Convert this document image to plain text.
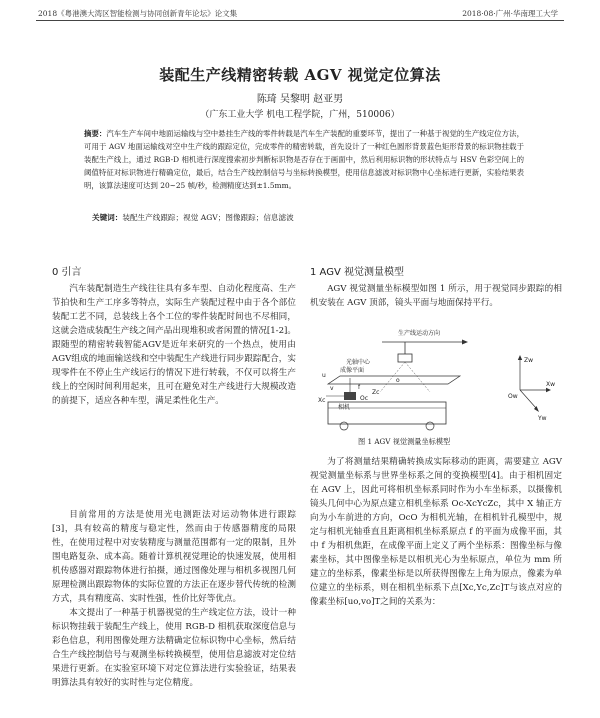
2018《粤港澳大湾区智能检测与协同创新青年论坛》论文集	2018·08·广州·华南理工大学
装配生产线精密转载 AGV 视觉定位算法
陈琦 吴黎明 赵亚男
（广东工业大学 机电工程学院，广州，510006）
摘要：汽车生产车间中地面运输线与空中悬挂生产线的零件转载是汽车生产装配的重要环节，提出了一种基于视觉的生产线定位方法，可用于 AGV 地面运输线对空中生产线的跟踪定位，完成零件的精密转载，首先设计了一种红色圆形背景蓝色矩形背景的标识物挂载于装配生产线上，通过 RGB-D 相机进行深度搜索初步判断标识物是否存在于画面中，然后利用标识物的形状特点与 HSV 色彩空间上的阈值特征对标识物进行精确定位，最后，结合生产线控制信号与坐标转换模型，使用信息滤波对标识物中心坐标进行更新，实验结果表明，该算法速度可达到 20~25 帧/秒，检测精度达到±1.5mm。
关键词：装配生产线跟踪；视觉 AGV；图像跟踪；信息滤波
0 引言

汽车装配制造生产线往往具有多车型、自动化程度高、生产节拍快和生产工序多等特点，实际生产装配过程中由于各个部位装配工艺不同，总装线上各个工位的零件装配时间也不尽相同，这就会造成装配生产线之间产品出现堆积或者闲置的情况[1-2]。跟随型的精密转载智能AGV是近年来研究的一个热点，使用由AGV组成的地面输送线和空中装配生产线进行同步跟踪配合，实现零件在不停止生产线运行的情况下进行转载，不仅可以将生产线上的空闲时间利用起来，且可在避免对生产线进行大规模改造的前提下，适应各种车型，满足柔性化生产。

目前常用的方法是使用光电测距法对运动物体进行跟踪[3]，具有较高的精度与稳定性，然而由于传感器精度的局限性，在使用过程中对安装精度与测量范围都有一定的限制，且外围电路复杂、成本高。随着计算机视觉理论的快速发展，使用相机传感器对跟踪物体进行拍摄，通过图像处理与相机多视图几何原理检测出跟踪物体的实际位置的方法正在逐步替代传统的检测方式，具有精度高、实时性强，性价比好等优点。

本文提出了一种基于机器视觉的生产线定位方法，设计一种标识物挂载于装配生产线上，使用 RGB-D 相机获取深度信息与彩色信息，利用图像处理方法精确定位标识物中心坐标，然后结合生产线控制信号与观测坐标转换模型，使用信息滤波对定位结果进行更新。在实验室环境下对定位算法进行实验验证，结果表明算法具有较好的实时性与定位精度。

1 AGV 视觉测量模型

AGV 视觉测量坐标模型如图 1 所示，用于视觉同步跟踪的相机安装在 AGV 顶部，镜头平面与地面保持平行。

生产线运动方向
成像平面
u
v
o
光轴中心
相机
Xc	Oc
f
Zc
Zw
Xw
Yw
Ow
图 1 AGV 视觉测量坐标模型

为了将测量结果精确转换成实际移动的距离，需要建立 AGV 视觉测量坐标系与世界坐标系之间的变换模型[4]。由于相机固定在 AGV 上，因此可将相机坐标系同时作为小车坐标系，以摄像机镜头几何中心为原点建立相机坐标系 Oc-XcYcZc，其中 X 轴正方向为小车前进的方向，OcO 为相机光轴，在相机针孔模型中，规定与相机光轴垂直且距离相机坐标系原点 f 的平面为成像平面，其中 f 为相机焦距，在成像平面上定义了两个坐标系：图像坐标与像素坐标，其中图像坐标是以相机光心为坐标原点，单位为 mm 所建立的坐标系，像素坐标是以所获得图像左上角为原点，像素为单位建立的坐标系，则在相机坐标系下点[Xc,Yc,Zc]T与该点对应的像素坐标[uo,vo]T之间的关系为：
